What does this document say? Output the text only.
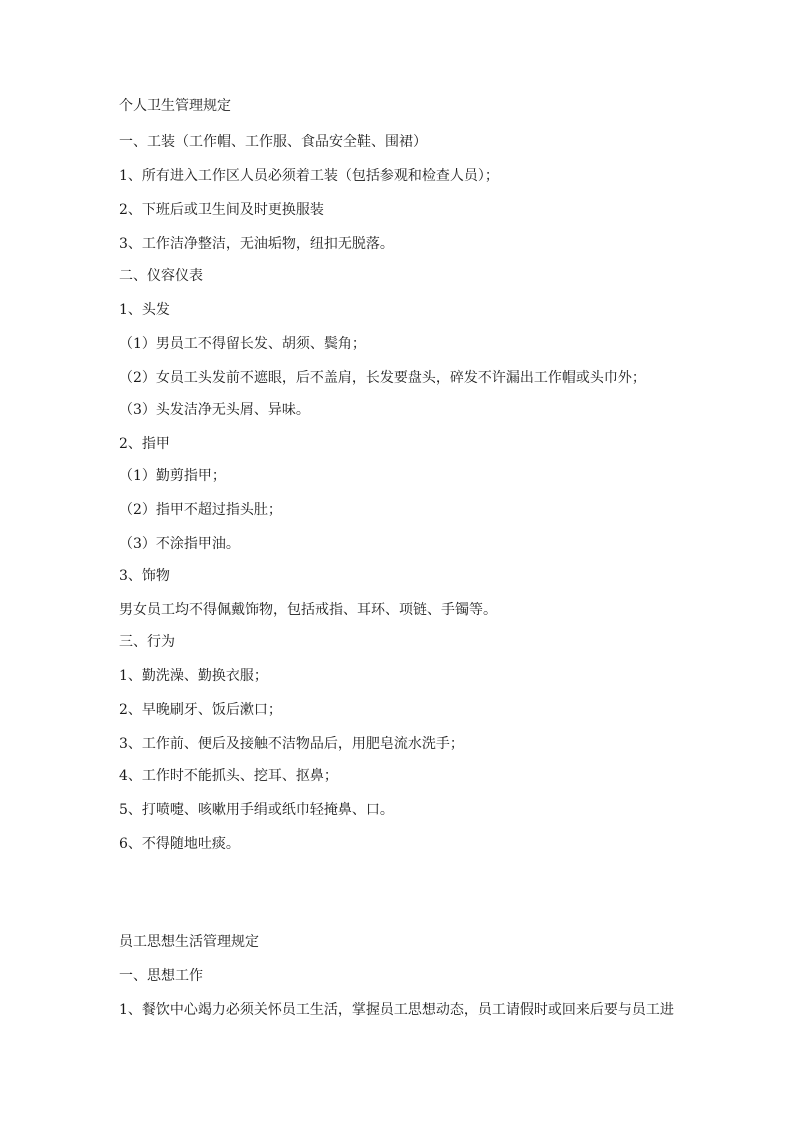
个人卫生管理规定
一、工装（工作帽、工作服、食品安全鞋、围裙）
1、所有进入工作区人员必须着工装（包括参观和检查人员）；
2、下班后或卫生间及时更换服装
3、工作洁净整洁，无油垢物，纽扣无脱落。
二、仪容仪表
1、头发
（1）男员工不得留长发、胡须、鬓角；
（2）女员工头发前不遮眼，后不盖肩，长发要盘头，碎发不许漏出工作帽或头巾外；
（3）头发洁净无头屑、异味。
2、指甲
（1）勤剪指甲；
（2）指甲不超过指头肚；
（3）不涂指甲油。
3、饰物
男女员工均不得佩戴饰物，包括戒指、耳环、项链、手镯等。
三、行为
1、勤洗澡、勤换衣服；
2、早晚刷牙、饭后漱口；
3、工作前、便后及接触不洁物品后，用肥皂流水洗手；
4、工作时不能抓头、挖耳、抠鼻；
5、打喷嚏、咳嗽用手绢或纸巾轻掩鼻、口。
6、不得随地吐痰。
员工思想生活管理规定
一、思想工作
1、餐饮中心竭力必须关怀员工生活，掌握员工思想动态，员工请假时或回来后要与员工进
